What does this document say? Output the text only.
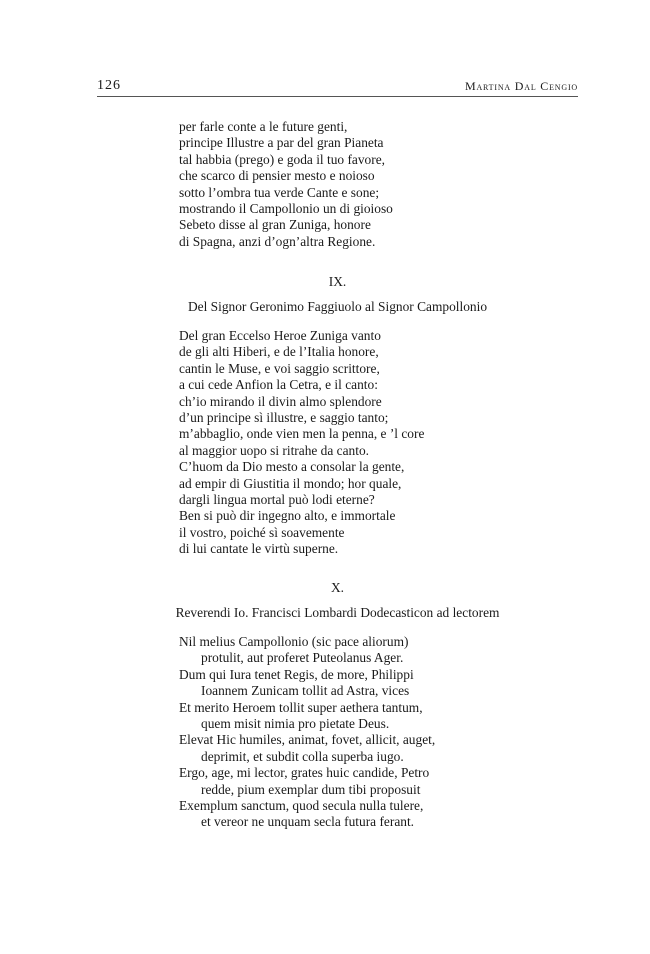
126	Martina Dal Cengio
per farle conte a le future genti,
principe Illustre a par del gran Pianeta
tal habbia (prego) e goda il tuo favore,
che scarco di pensier mesto e noioso
sotto l’ombra tua verde Cante e sone;
mostrando il Campollonio un di gioioso
Sebeto disse al gran Zuniga, honore
di Spagna, anzi d’ogn’altra Regione.
IX.
Del Signor Geronimo Faggiuolo al Signor Campollonio
Del gran Eccelso Heroe Zuniga vanto
de gli alti Hiberi, e de l’Italia honore,
cantin le Muse, e voi saggio scrittore,
a cui cede Anfion la Cetra, e il canto:
ch’io mirando il divin almo splendore
d’un principe sì illustre, e saggio tanto;
m’abbaglio, onde vien men la penna, e ’l core
al maggior uopo si ritrahe da canto.
C’huom da Dio mesto a consolar la gente,
ad empir di Giustitia il mondo; hor quale,
dargli lingua mortal può lodi eterne?
Ben si può dir ingegno alto, e immortale
il vostro, poiché sì soavemente
di lui cantate le virtù superne.
X.
Reverendi Io. Francisci Lombardi Dodecasticon ad lectorem
Nil melius Campollonio (sic pace aliorum)
protulit, aut proferet Puteolanus Ager.
Dum qui Iura tenet Regis, de more, Philippi
Ioannem Zunicam tollit ad Astra, vices
Et merito Heroem tollit super aethera tantum,
quem misit nimia pro pietate Deus.
Elevat Hic humiles, animat, fovet, allicit, auget,
deprimit, et subdit colla superba iugo.
Ergo, age, mi lector, grates huic candide, Petro
redde, pium exemplar dum tibi proposuit
Exemplum sanctum, quod secula nulla tulere,
et vereor ne unquam secla futura ferant.
